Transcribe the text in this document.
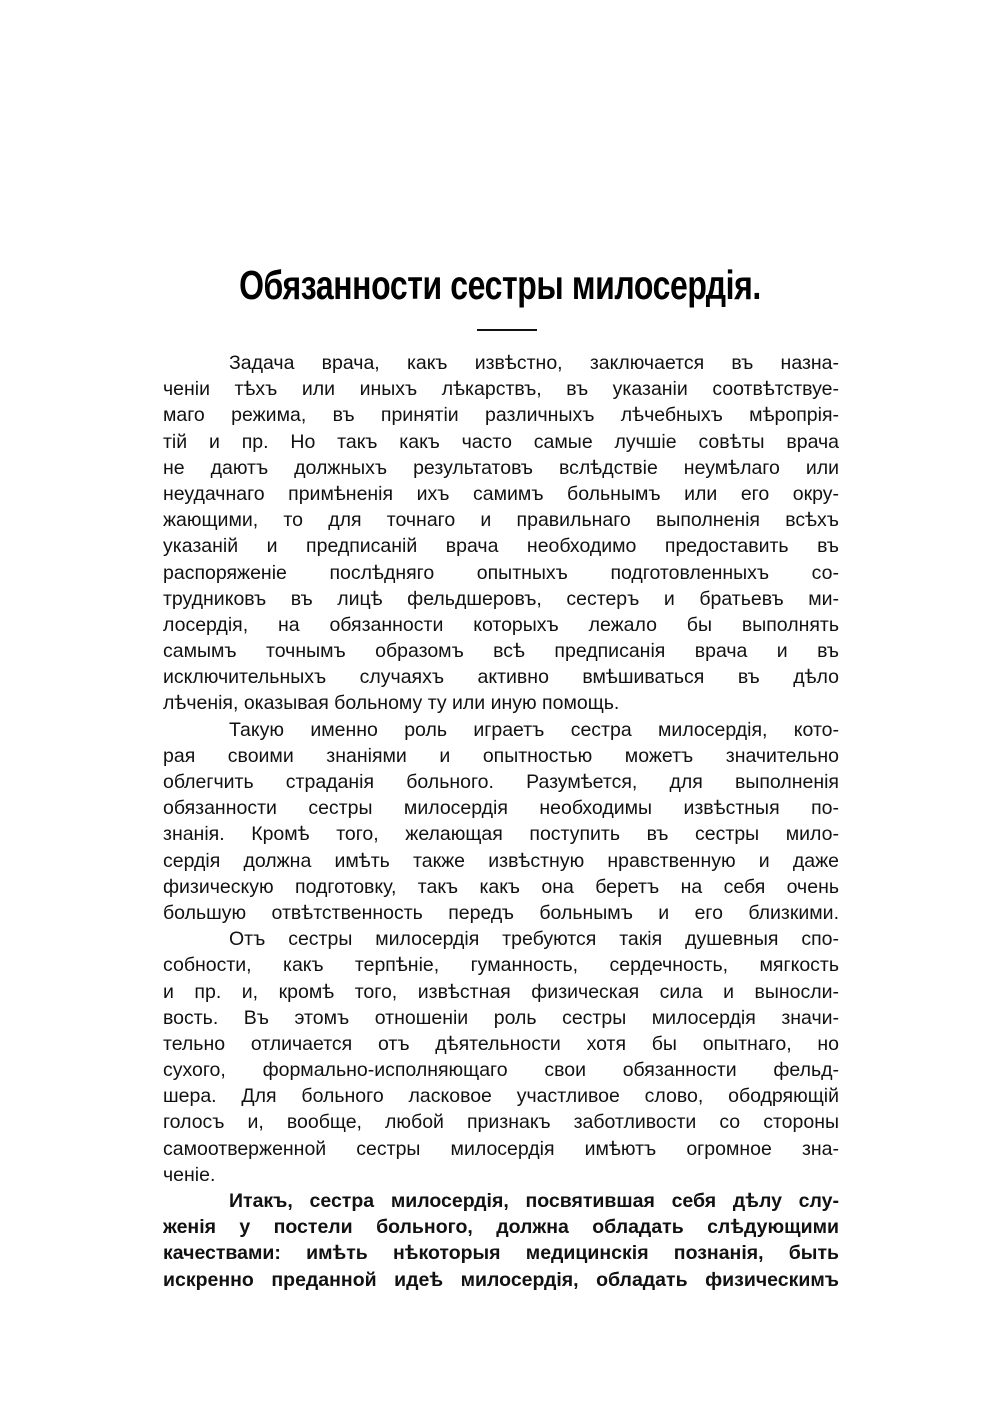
Обязанности сестры милосердія.
Задача врача, какъ извѣстно, заключается въ назна-
ченіи тѣхъ или иныхъ лѣкарствъ, въ указаніи соотвѣтствуе-
маго режима, въ принятіи различныхъ лѣчебныхъ мѣропрія-
тій и пр. Но такъ какъ часто самые лучшіе совѣты врача
не даютъ должныхъ результатовъ вслѣдствіе неумѣлаго или
неудачнаго примѣненія ихъ самимъ больнымъ или его окру-
жающими, то для точнаго и правильнаго выполненія всѣхъ
указаній и предписаній врача необходимо предоставить въ
распоряженіе послѣдняго опытныхъ подготовленныхъ со-
трудниковъ въ лицѣ фельдшеровъ, сестеръ и братьевъ ми-
лосердія, на обязанности которыхъ лежало бы выполнять
самымъ точнымъ образомъ всѣ предписанія врача и въ
исключительныхъ случаяхъ активно вмѣшиваться въ дѣло
лѣченія, оказывая больному ту или иную помощь.
Такую именно роль играетъ сестра милосердія, кото-
рая своими знаніями и опытностью можетъ значительно
облегчить страданія больного. Разумѣется, для выполненія
обязанности сестры милосердія необходимы извѣстныя по-
знанія. Кромѣ того, желающая поступить въ сестры мило-
сердія должна имѣть также извѣстную нравственную и даже
физическую подготовку, такъ какъ она беретъ на себя очень
большую отвѣтственность передъ больнымъ и его близкими.
Отъ сестры милосердія требуются такія душевныя спо-
собности, какъ терпѣніе, гуманность, сердечность, мягкость
и пр. и, кромѣ того, извѣстная физическая сила и выносли-
вость. Въ этомъ отношеніи роль сестры милосердія значи-
тельно отличается отъ дѣятельности хотя бы опытнаго, но
сухого, формально-исполняющаго свои обязанности фельд-
шера. Для больного ласковое участливое слово, ободряющій
голосъ и, вообще, любой признакъ заботливости со стороны
самоотверженной сестры милосердія имѣютъ огромное зна-
ченіе.
Итакъ, сестра милосердія, посвятившая себя дѣлу слу-
женія у постели больного, должна обладать слѣдующими
качествами: имѣть нѣкоторыя медицинскія познанія, быть
искренно преданной идеѣ милосердія, обладать физическимъ
